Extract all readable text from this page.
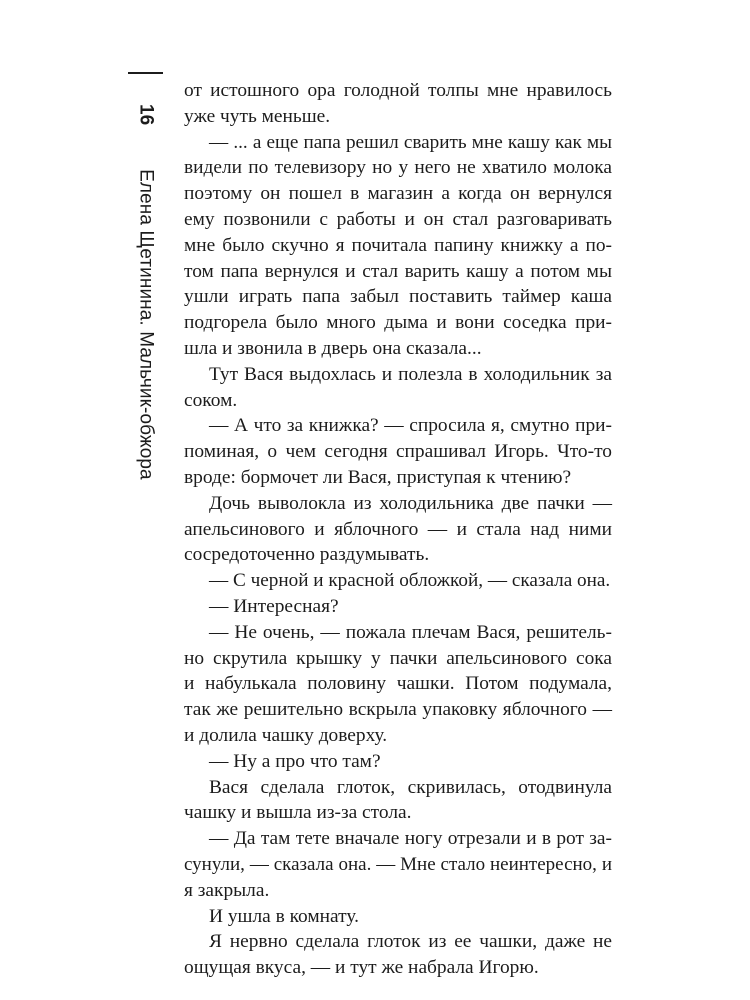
16Елена Щетинина. Мальчик-обжора
от истошного ора голодной толпы мне нравилось
уже чуть меньше.
— ... а еще папа решил сварить мне кашу как мы
видели по телевизору но у него не хватило молока
поэтому он пошел в магазин а когда он вернулся
ему позвонили с работы и он стал разговаривать
мне было скучно я почитала папину книжку а по-
том папа вернулся и стал варить кашу а потом мы
ушли играть папа забыл поставить таймер каша
подгорела было много дыма и вони соседка при-
шла и звонила в дверь она сказала...
Тут Вася выдохлась и полезла в холодильник за
соком.
— А что за книжка? — спросила я, смутно при-
поминая, о чем сегодня спрашивал Игорь. Что-то
вроде: бормочет ли Вася, приступая к чтению?
Дочь выволокла из холодильника две пачки —
апельсинового и яблочного — и стала над ними
сосредоточенно раздумывать.
— С черной и красной обложкой, — сказала она.
— Интересная?
— Не очень, — пожала плечам Вася, решитель-
но скрутила крышку у пачки апельсинового сока
и набулькала половину чашки. Потом подумала,
так же решительно вскрыла упаковку яблочного —
и долила чашку доверху.
— Ну а про что там?
Вася сделала глоток, скривилась, отодвинула
чашку и вышла из-за стола.
— Да там тете вначале ногу отрезали и в рот за-
сунули, — сказала она. — Мне стало неинтересно, и
я закрыла.
И ушла в комнату.
Я нервно сделала глоток из ее чашки, даже не
ощущая вкуса, — и тут же набрала Игорю.
